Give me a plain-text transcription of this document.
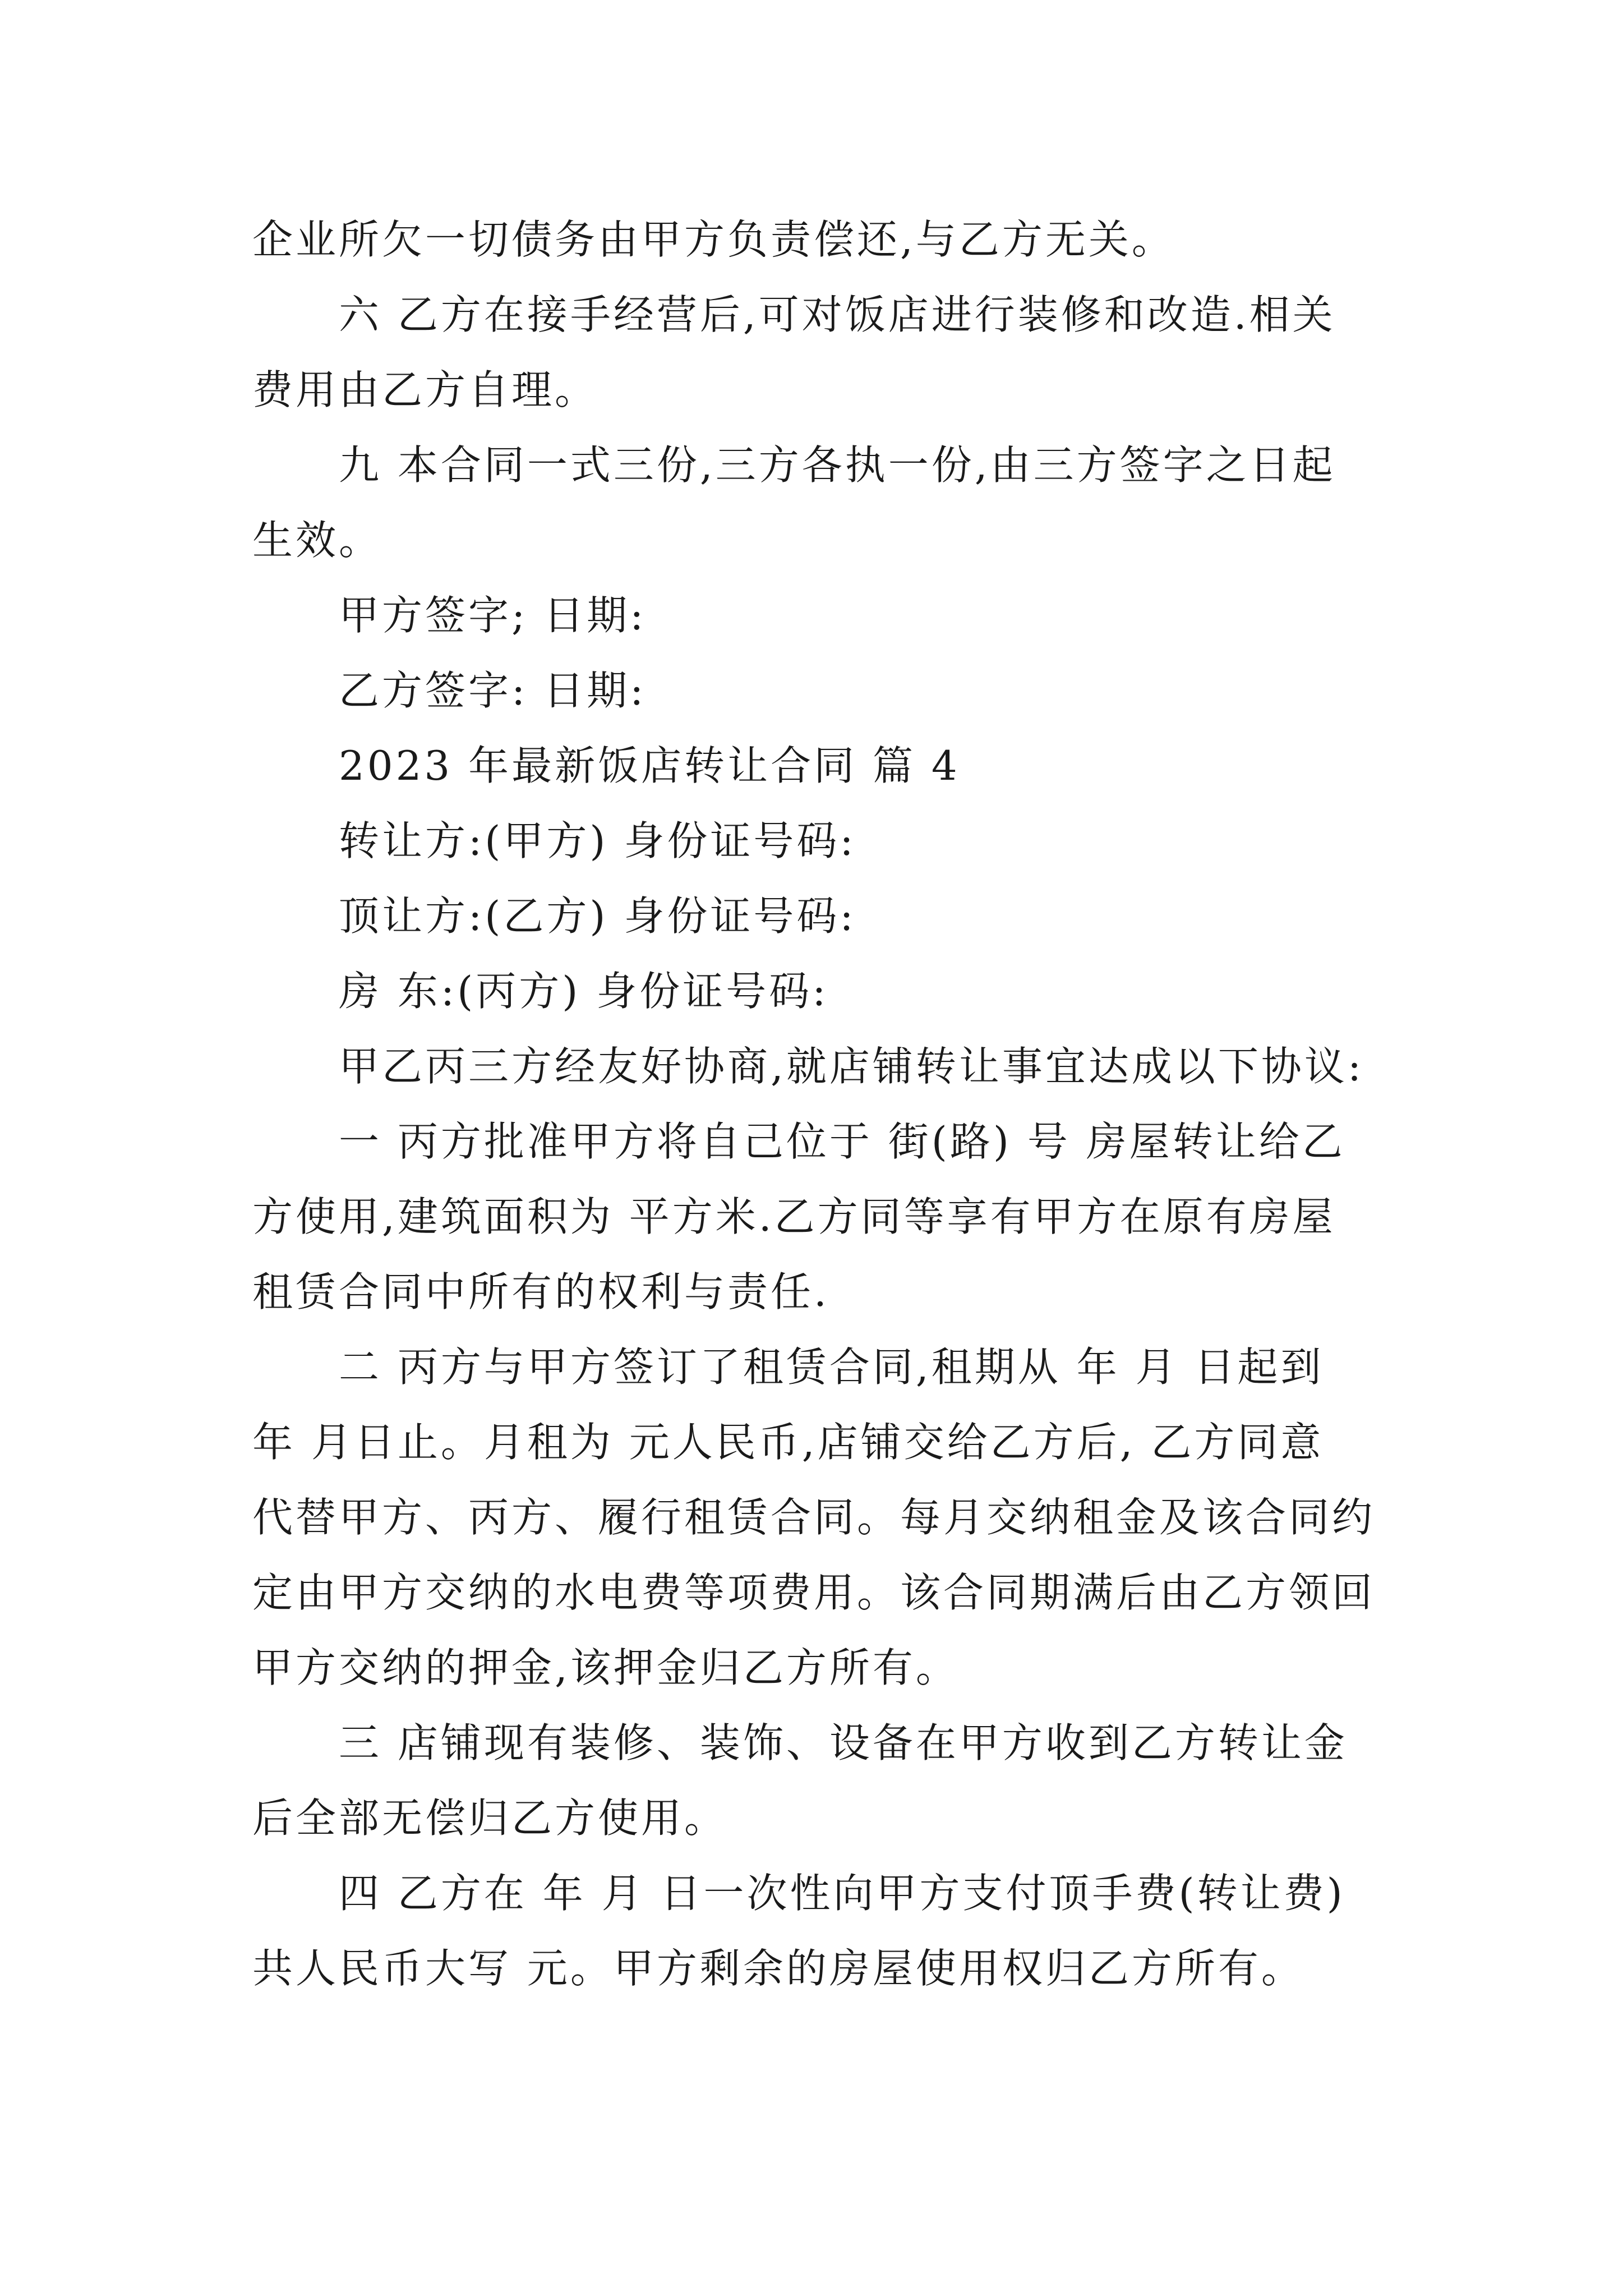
企业所欠一切债务由甲方负责偿还,与乙方无关。
六 乙方在接手经营后,可对饭店进行装修和改造.相关
费用由乙方自理。
九 本合同一式三份,三方各执一份,由三方签字之日起
生效。
甲方签字; 日期:
乙方签字: 日期:
2023 年最新饭店转让合同 篇 4
转让方:(甲方) 身份证号码:
顶让方:(乙方) 身份证号码:
房 东:(丙方) 身份证号码:
甲乙丙三方经友好协商,就店铺转让事宜达成以下协议:
一 丙方批准甲方将自己位于 街(路) 号 房屋转让给乙
方使用,建筑面积为 平方米.乙方同等享有甲方在原有房屋
租赁合同中所有的权利与责任.
二 丙方与甲方签订了租赁合同,租期从 年 月 日起到
年 月日止。月租为 元人民币,店铺交给乙方后, 乙方同意
代替甲方、丙方、履行租赁合同。每月交纳租金及该合同约
定由甲方交纳的水电费等项费用。该合同期满后由乙方领回
甲方交纳的押金,该押金归乙方所有。
三 店铺现有装修、装饰、设备在甲方收到乙方转让金
后全部无偿归乙方使用。
四 乙方在 年 月 日一次性向甲方支付顶手费(转让费)
共人民币大写 元。甲方剩余的房屋使用权归乙方所有。
